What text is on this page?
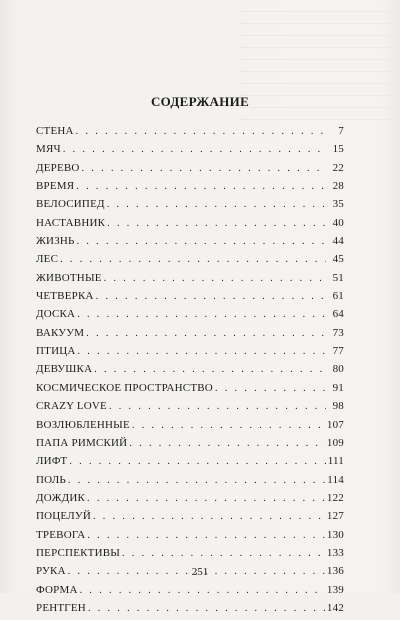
СОДЕРЖАНИЕ
СТЕНА . . .	7
МЯЧ . . .	15
ДЕРЕВО . . .	22
ВРЕМЯ . . .	28
ВЕЛОСИПЕД . . .	35
НАСТАВНИК . . .	40
ЖИЗНЬ . . .	44
ЛЕС . . .	45
ЖИВОТНЫЕ . . .	51
ЧЕТВЕРКА . . .	61
ДОСКА . . .	64
ВАКУУМ . . .	73
ПТИЦА . . .	77
ДЕВУШКА . . .	80
КОСМИЧЕСКОЕ ПРОСТРАНСТВО . . .	91
CRAZY LOVE . . .	98
ВОЗЛЮБЛЕННЫЕ . . .	107
ПАПА РИМСКИЙ . . .	109
ЛИФТ . . .	111
ПОЛЬ . . .	114
ДОЖДИК . . .	122
ПОЦЕЛУЙ . . .	127
ТРЕВОГА . . .	130
ПЕРСПЕКТИВЫ . . .	133
РУКА . . .	136
ФОРМА . . .	139
РЕНТГЕН . . .	142
251
